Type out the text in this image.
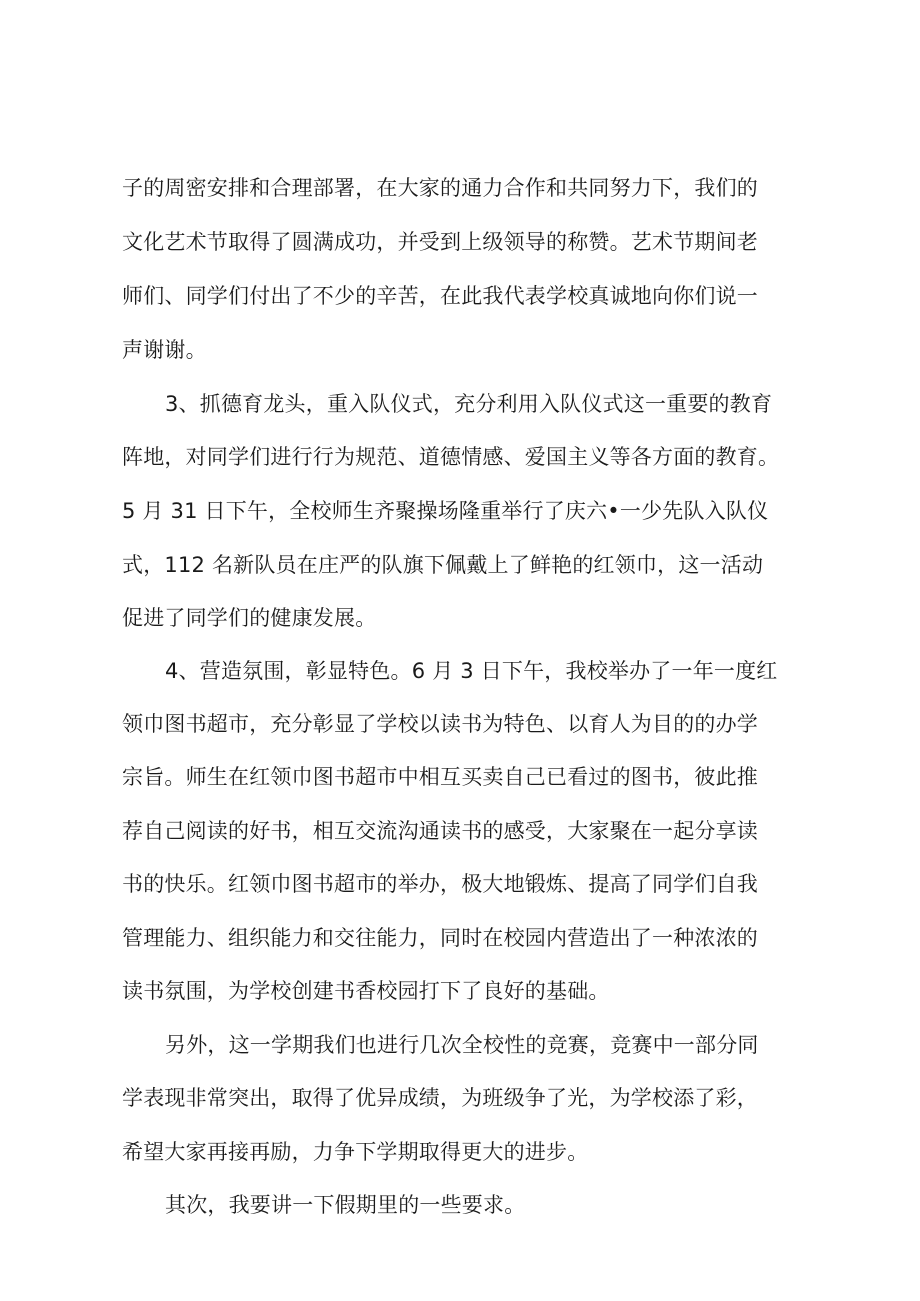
子的周密安排和合理部署，在大家的通力合作和共同努力下，我们的
文化艺术节取得了圆满成功，并受到上级领导的称赞。艺术节期间老
师们、同学们付出了不少的辛苦，在此我代表学校真诚地向你们说一
声谢谢。
3、抓德育龙头，重入队仪式，充分利用入队仪式这一重要的教育
阵地，对同学们进行行为规范、道德情感、爱国主义等各方面的教育。
5 月 31 日下午，全校师生齐聚操场隆重举行了庆六•一少先队入队仪
式，112 名新队员在庄严的队旗下佩戴上了鲜艳的红领巾，这一活动
促进了同学们的健康发展。
4、营造氛围，彰显特色。6 月 3 日下午，我校举办了一年一度红
领巾图书超市，充分彰显了学校以读书为特色、以育人为目的的办学
宗旨。师生在红领巾图书超市中相互买卖自己已看过的图书，彼此推
荐自己阅读的好书，相互交流沟通读书的感受，大家聚在一起分享读
书的快乐。红领巾图书超市的举办，极大地锻炼、提高了同学们自我
管理能力、组织能力和交往能力，同时在校园内营造出了一种浓浓的
读书氛围，为学校创建书香校园打下了良好的基础。
另外，这一学期我们也进行几次全校性的竞赛，竞赛中一部分同
学表现非常突出，取得了优异成绩，为班级争了光，为学校添了彩，
希望大家再接再励，力争下学期取得更大的进步。
其次，我要讲一下假期里的一些要求。
